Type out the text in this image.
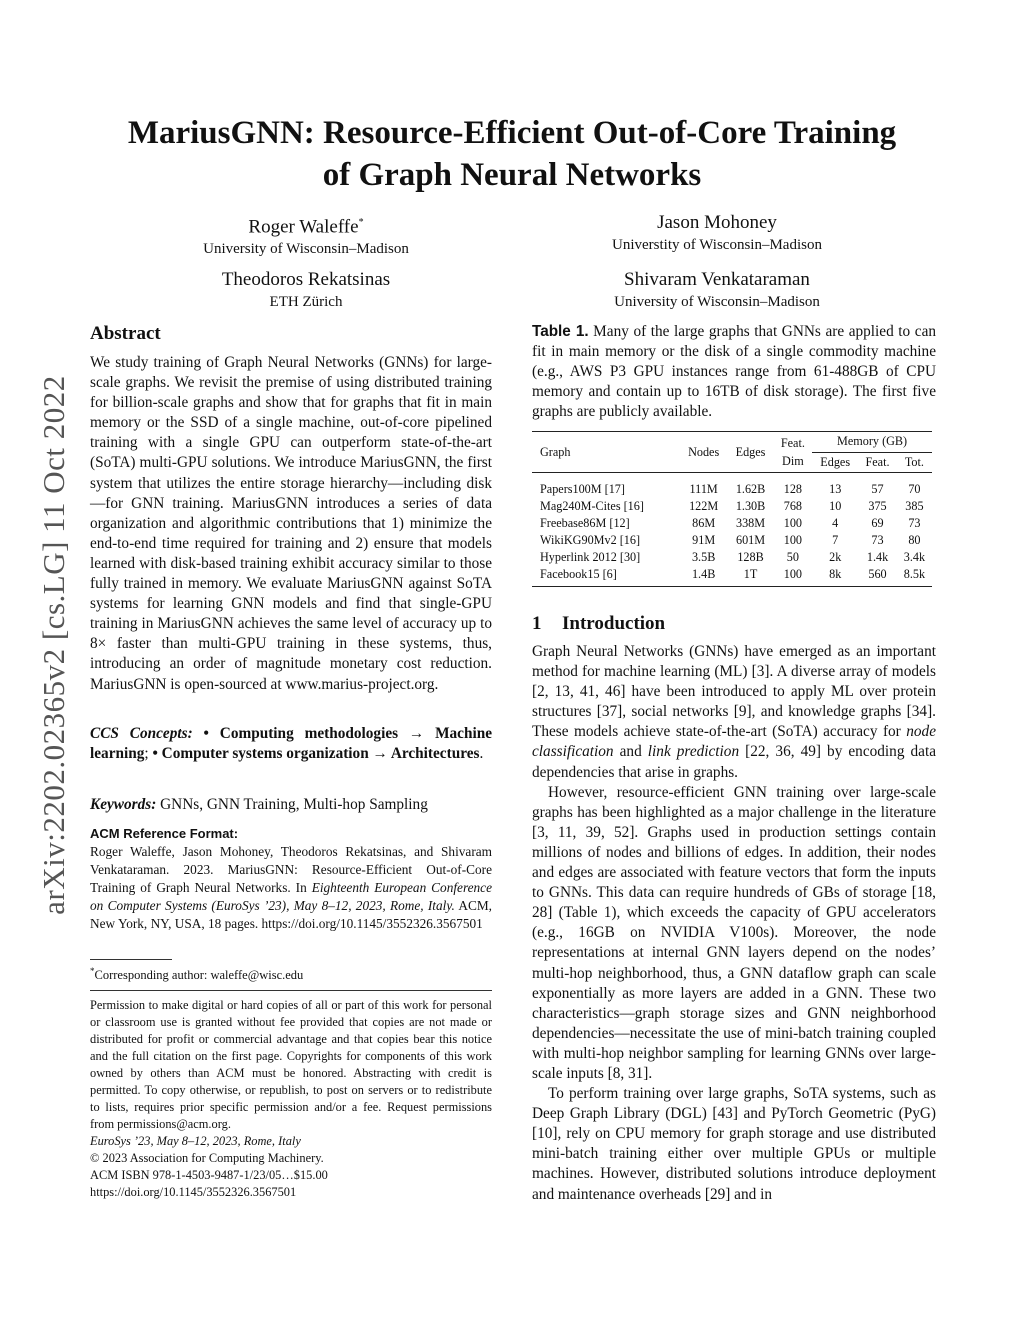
arXiv:2202.02365v2 [cs.LG] 11 Oct 2022
MariusGNN: Resource-Efficient Out-of-Core Training
of Graph Neural Networks
Roger Waleffe*
University of Wisconsin–Madison
Jason Mohoney
Universtity of Wisconsin–Madison
Theodoros Rekatsinas
ETH Zürich
Shivaram Venkataraman
University of Wisconsin–Madison
Abstract

We study training of Graph Neural Networks (GNNs) for large-scale graphs. We revisit the premise of using distributed training for billion-scale graphs and show that for graphs that fit in main memory or the SSD of a single machine, out-of-core pipelined training with a single GPU can outperform state-of-the-art (SoTA) multi-GPU solutions. We introduce MariusGNN, the first system that utilizes the entire storage hierarchy—including disk—for GNN training. MariusGNN introduces a series of data organization and algorithmic contributions that 1) minimize the end-to-end time required for training and 2) ensure that models learned with disk-based training exhibit accuracy similar to those fully trained in memory. We evaluate MariusGNN against SoTA systems for learning GNN models and find that single-GPU training in MariusGNN achieves the same level of accuracy up to 8× faster than multi-GPU training in these systems, thus, introducing an order of magnitude monetary cost reduction. MariusGNN is open-sourced at www.marius-project.org.

CCS Concepts: • Computing methodologies → Machine learning; • Computer systems organization → Architectures.

Keywords: GNNs, GNN Training, Multi-hop Sampling

ACM Reference Format:

Roger Waleffe, Jason Mohoney, Theodoros Rekatsinas, and Shivaram Venkataraman. 2023. MariusGNN: Resource-Efficient Out-of-Core Training of Graph Neural Networks. In Eighteenth European Conference on Computer Systems (EuroSys ’23), May 8–12, 2023, Rome, Italy. ACM, New York, NY, USA, 18 pages. https://doi.org/10.1145/3552326.3567501

*Corresponding author: waleffe@wisc.edu

Permission to make digital or hard copies of all or part of this work for personal or classroom use is granted without fee provided that copies are not made or distributed for profit or commercial advantage and that copies bear this notice and the full citation on the first page. Copyrights for components of this work owned by others than ACM must be honored. Abstracting with credit is permitted. To copy otherwise, or republish, to post on servers or to redistribute to lists, requires prior specific permission and/or a fee. Request permissions from permissions@acm.org.

EuroSys ’23, May 8–12, 2023, Rome, Italy

© 2023 Association for Computing Machinery.

ACM ISBN 978-1-4503-9487-1/23/05…$15.00

https://doi.org/10.1145/3552326.3567501

Table 1. Many of the large graphs that GNNs are applied to can fit in main memory or the disk of a single commodity machine (e.g., AWS P3 GPU instances range from 61-488GB of CPU memory and contain up to 16TB of disk storage). The first five graphs are publicly available.
Graph	Nodes	Edges	Feat.
Dim	Memory (GB)		
				Edges	Feat.	Tot.
Papers100M [17]	111M	1.62B	128	13	57	70
Mag240M-Cites [16]	122M	1.30B	768	10	375	385
Freebase86M [12]	86M	338M	100	4	69	73
WikiKG90Mv2 [16]	91M	601M	100	7	73	80
Hyperlink 2012 [30]	3.5B	128B	50	2k	1.4k	3.4k
Facebook15 [6]	1.4B	1T	100	8k	560	8.5k
1 Introduction

Graph Neural Networks (GNNs) have emerged as an important method for machine learning (ML) [3]. A diverse array of models [2, 13, 41, 46] have been introduced to apply ML over protein structures [37], social networks [9], and knowledge graphs [34]. These models achieve state-of-the-art (SoTA) accuracy for node classification and link prediction [22, 36, 49] by encoding data dependencies that arise in graphs.

However, resource-efficient GNN training over large-scale graphs has been highlighted as a major challenge in the literature [3, 11, 39, 52]. Graphs used in production settings contain millions of nodes and billions of edges. In addition, their nodes and edges are associated with feature vectors that form the inputs to GNNs. This data can require hundreds of GBs of storage [18, 28] (Table 1), which exceeds the capacity of GPU accelerators (e.g., 16GB on NVIDIA V100s). Moreover, the node representations at internal GNN layers depend on the nodes’ multi-hop neighborhood, thus, a GNN dataflow graph can scale exponentially as more layers are added in a GNN. These two characteristics—graph storage sizes and GNN neighborhood dependencies—necessitate the use of mini-batch training coupled with multi-hop neighbor sampling for learning GNNs over large-scale inputs [8, 31].

To perform training over large graphs, SoTA systems, such as Deep Graph Library (DGL) [43] and PyTorch Geometric (PyG) [10], rely on CPU memory for graph storage and use distributed mini-batch training either over multiple GPUs or multiple machines. However, distributed solutions introduce deployment and maintenance overheads [29] and in
